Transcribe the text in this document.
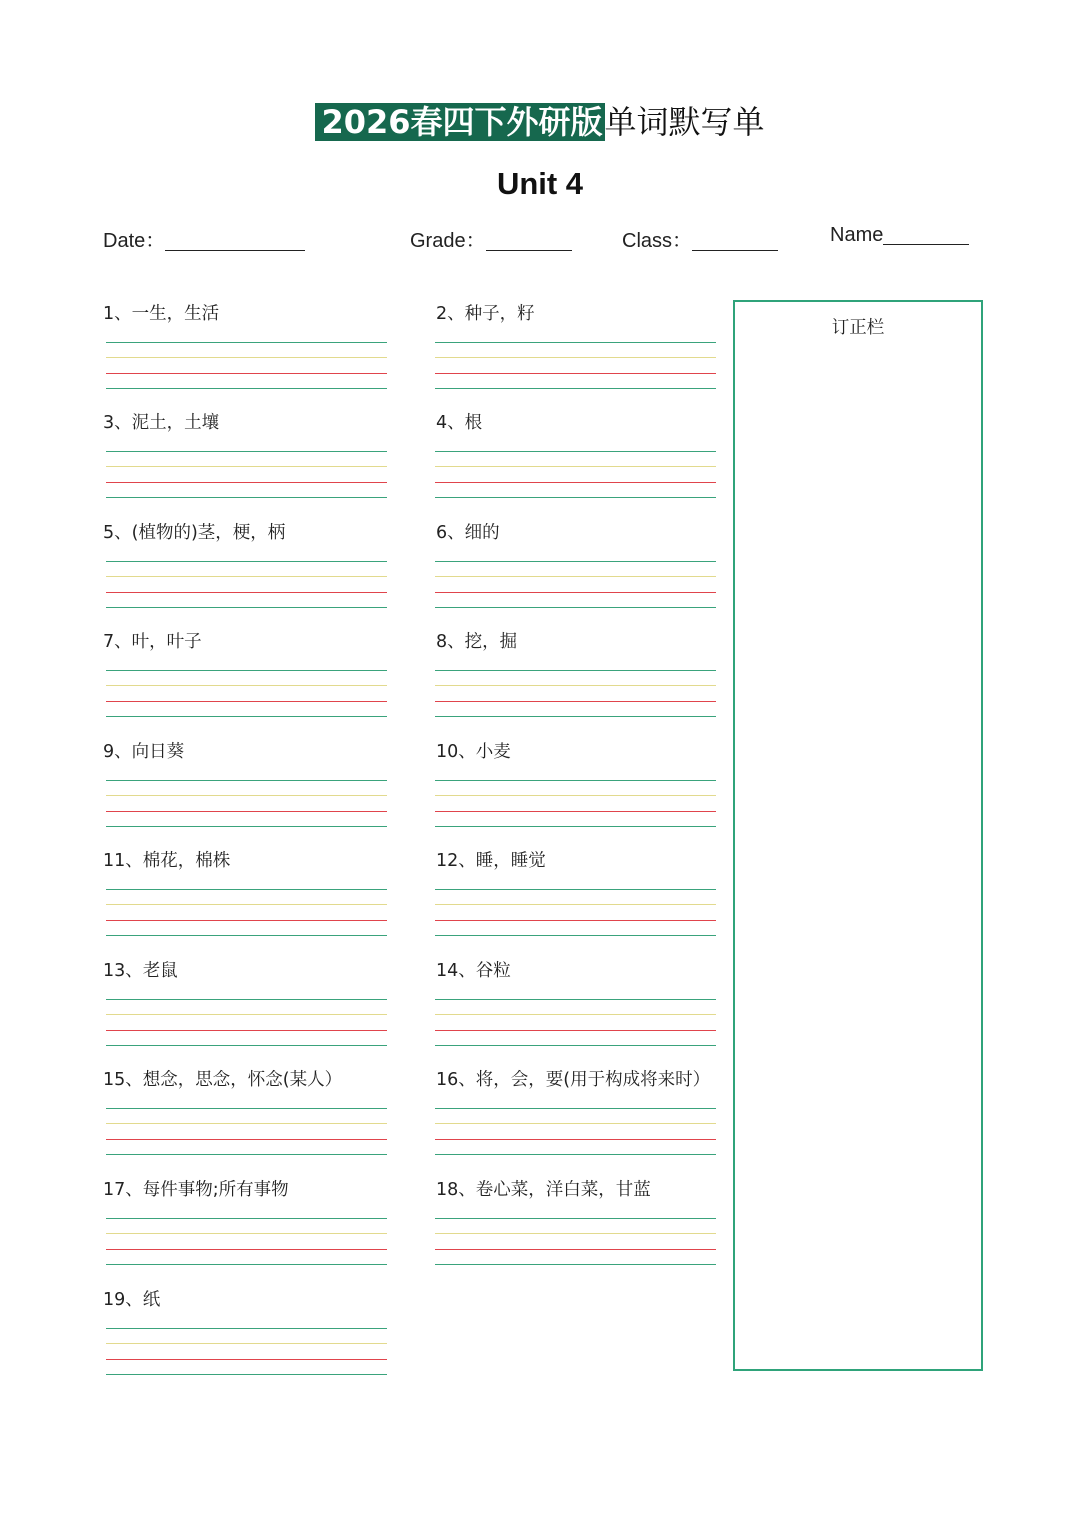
2026春四下外研版单词默写单
Unit 4
Date：	Grade：	Class：	Name
1、一生，生活
3、泥土，土壤
5、(植物的)茎，梗，柄
7、叶，叶子
9、向日葵
11、棉花，棉株
13、老鼠
15、想念，思念，怀念(某人）
17、每件事物;所有事物
19、纸
2、种子，籽
4、根
6、细的
8、挖，掘
10、小麦
12、睡，睡觉
14、谷粒
16、将，会，要(用于构成将来时）
18、卷心菜，洋白菜，甘蓝
订正栏
